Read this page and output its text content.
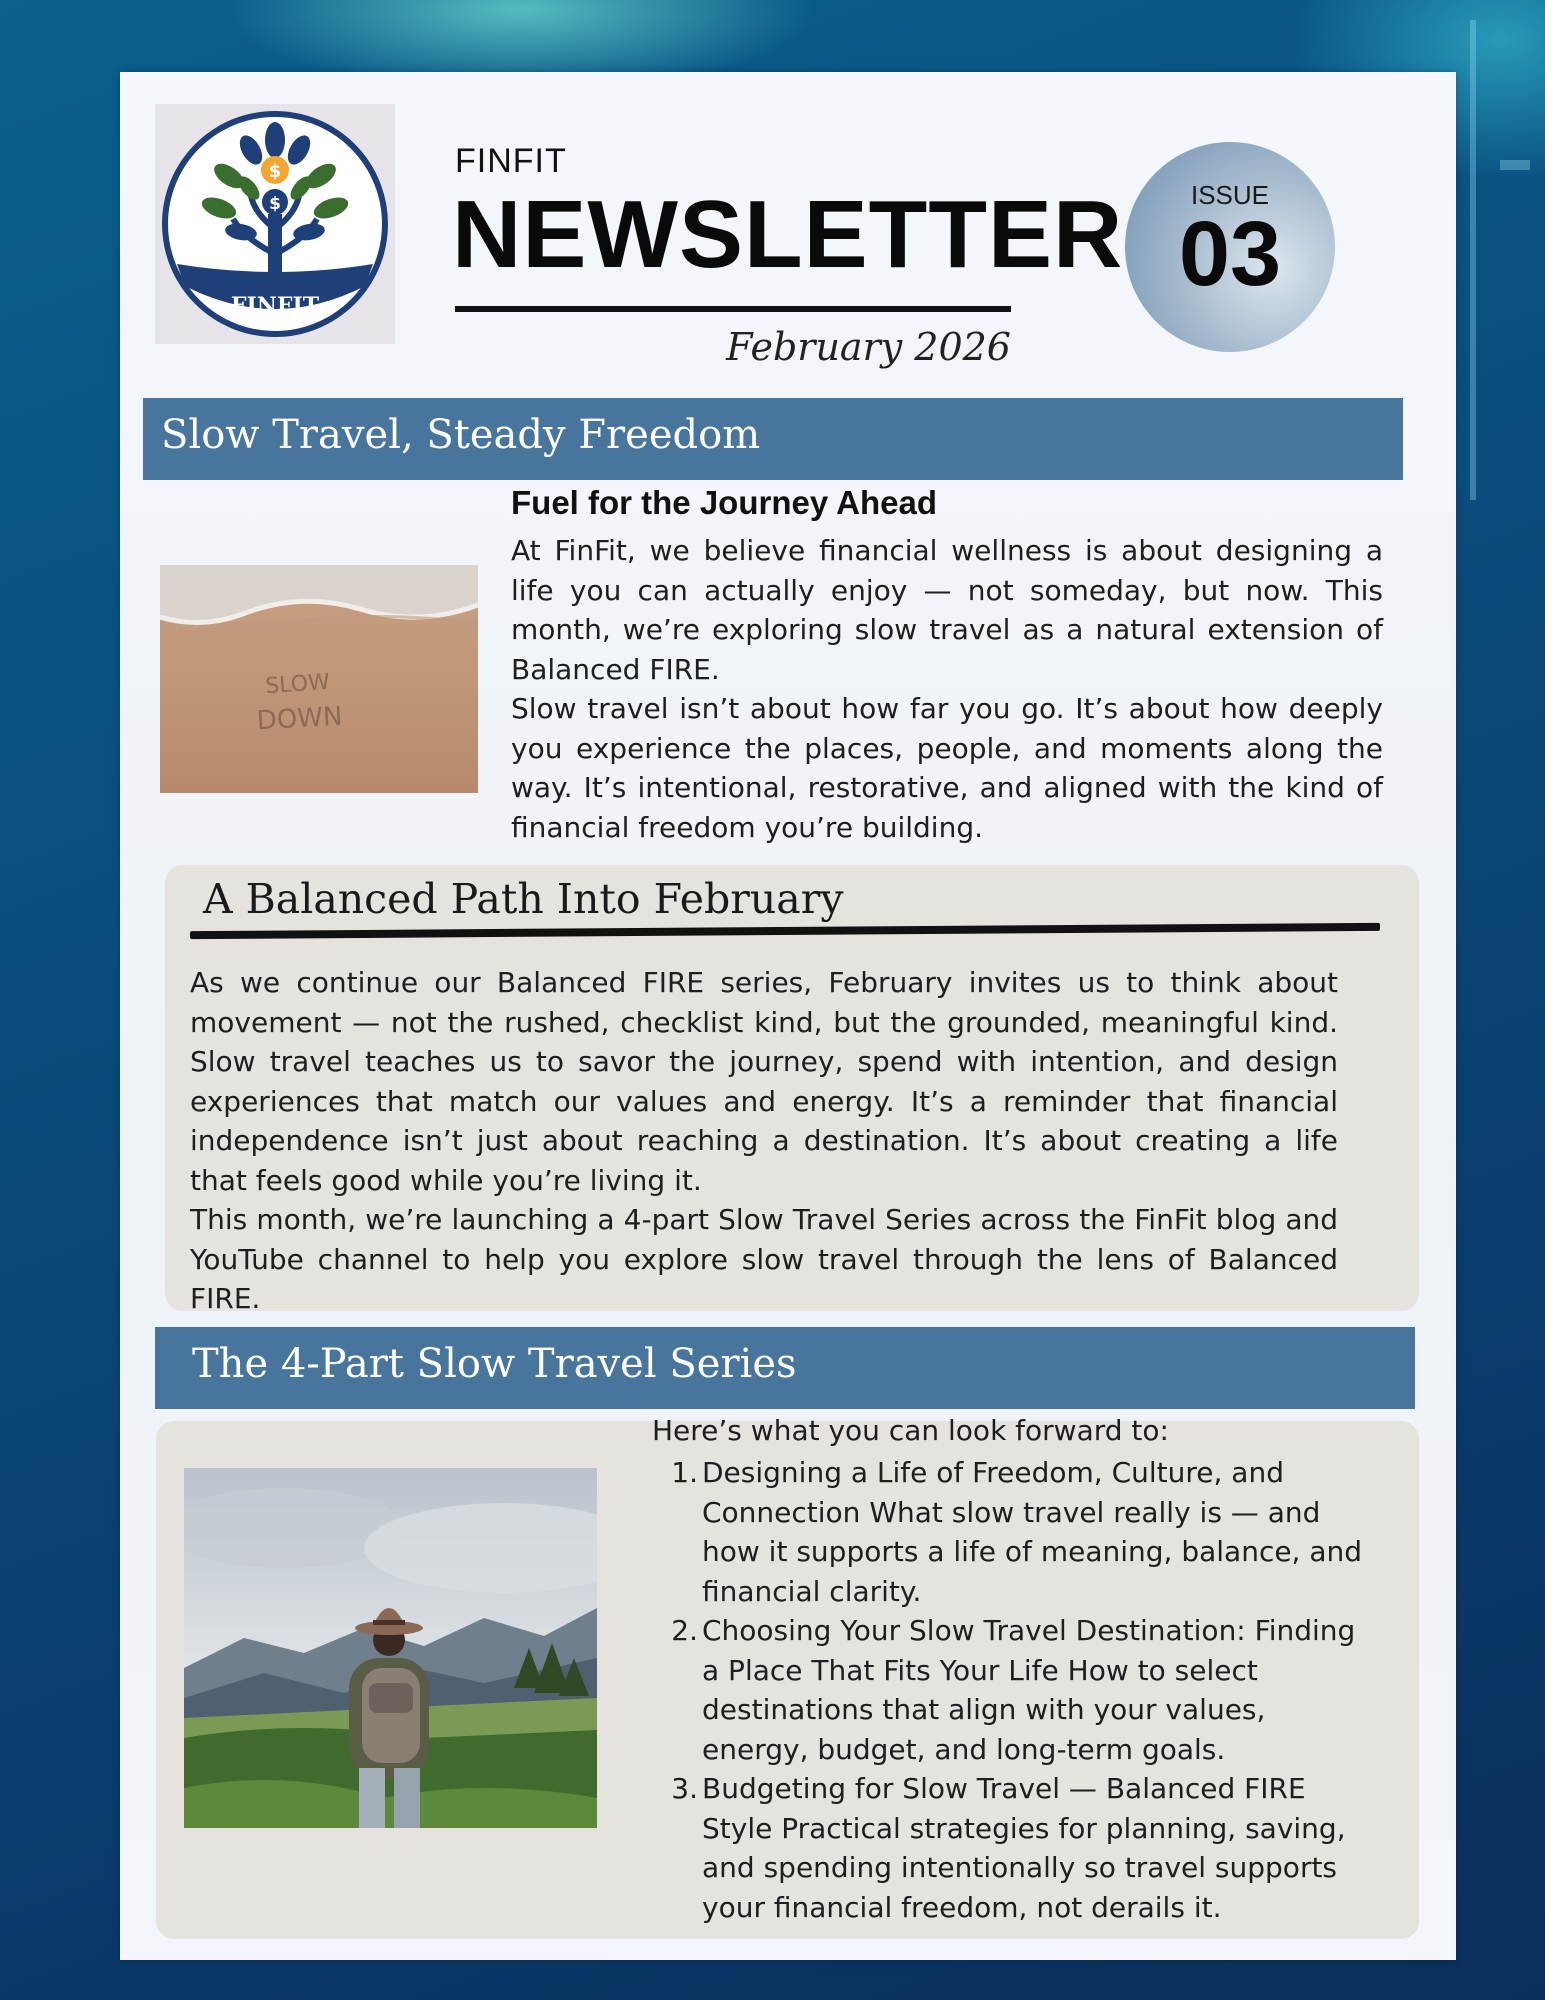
FINFIT
$
$
FINFIT
NEWSLETTER
February 2026
ISSUE
03
Slow Travel, Steady Freedom
SLOW
DOWN
Fuel for the Journey Ahead
At FinFit, we believe financial wellness is about designing a life you can actually enjoy — not someday, but now. This month, we’re exploring slow travel as a natural extension of Balanced FIRE.
Slow travel isn’t about how far you go. It’s about how deeply you experience the places, people, and moments along the way. It’s intentional, restorative, and aligned with the kind of financial freedom you’re building.
A Balanced Path Into February
As we continue our Balanced FIRE series, February invites us to think about movement — not the rushed, checklist kind, but the grounded, meaningful kind. Slow travel teaches us to savor the journey, spend with intention, and design experiences that match our values and energy. It’s a reminder that financial independence isn’t just about reaching a destination. It’s about creating a life that feels good while you’re living it.
This month, we’re launching a 4-part Slow Travel Series across the FinFit blog and YouTube channel to help you explore slow travel through the lens of Balanced FIRE.
The 4-Part Slow Travel Series
Here’s what you can look forward to:
1. Designing a Life of Freedom, Culture, and Connection What slow travel really is — and how it supports a life of meaning, balance, and financial clarity.
2. Choosing Your Slow Travel Destination: Finding a Place That Fits Your Life How to select destinations that align with your values, energy, budget, and long-term goals.
3. Budgeting for Slow Travel — Balanced FIRE Style Practical strategies for planning, saving, and spending intentionally so travel supports your financial freedom, not derails it.
